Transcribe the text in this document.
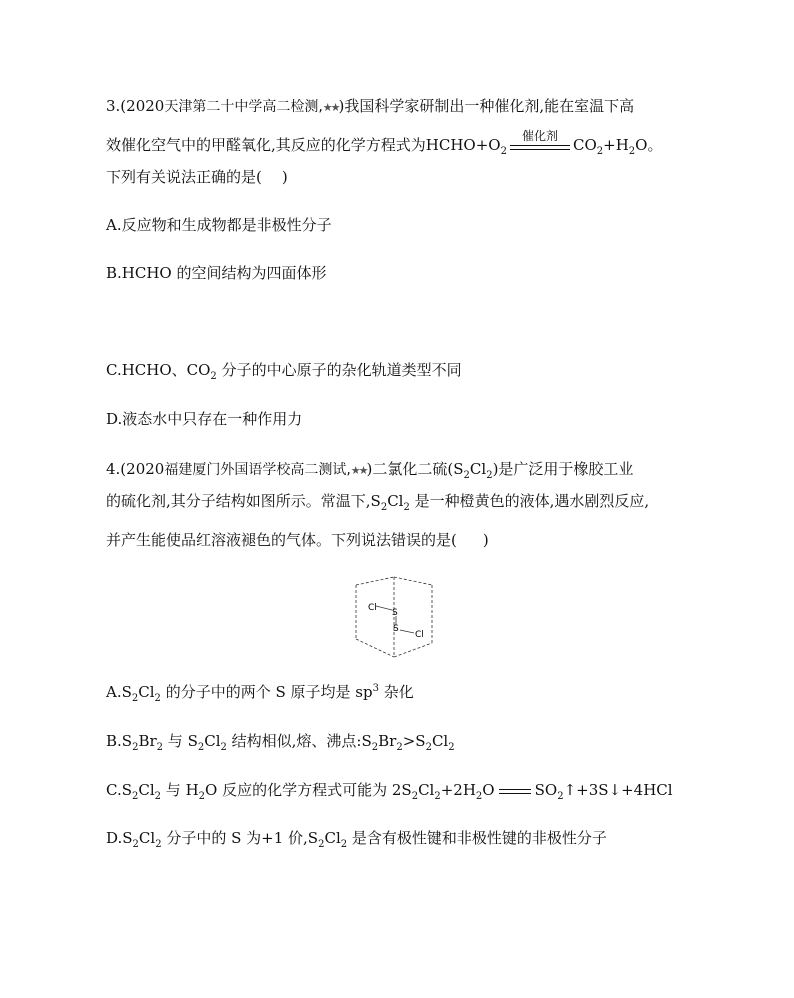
3.(2020天津第二十中学高二检测,★★)我国科学家研制出一种催化剂,能在室温下高
效催化空气中的甲醛氧化,其反应的化学方程式为$HCHO+O_2$
催化剂	$CO_2+H_2O$。
下列有关说法正确的是( )
A.反应物和生成物都是非极性分子
B.HCHO 的空间结构为四面体形
C.HCHO、$CO_2$ 分子的中心原子的杂化轨道类型不同
D.液态水中只存在一种作用力
4.(2020福建厦门外国语学校高二测试,★★)二氯化二硫$(S_2Cl_2)$是广泛用于橡胶工业
的硫化剂,其分子结构如图所示。常温下$,S_2Cl_2$ 是一种橙黄色的液体,遇水剧烈反应,
并产生能使品红溶液褪色的气体。下列说法错误的是( )
Cl S
S
Cl
$A.S_2Cl_2$ 的分子中的两个 S 原子均是 $sp^3$ 杂化
$B.S_2Br_2$ 与 $S_2Cl_2$ 结构相似,熔、沸点$:S_2Br_2>S_2Cl_2$
$C.S_2Cl_2$ 与 $H_2O$ 反应的化学方程式可能为 $2S_2Cl_2+2H_2O$	$SO_2↑+3S↓+4HCl$
$D.S_2Cl_2$ 分子中的 S 为+1 价$,S_2Cl_2$ 是含有极性键和非极性键的非极性分子
